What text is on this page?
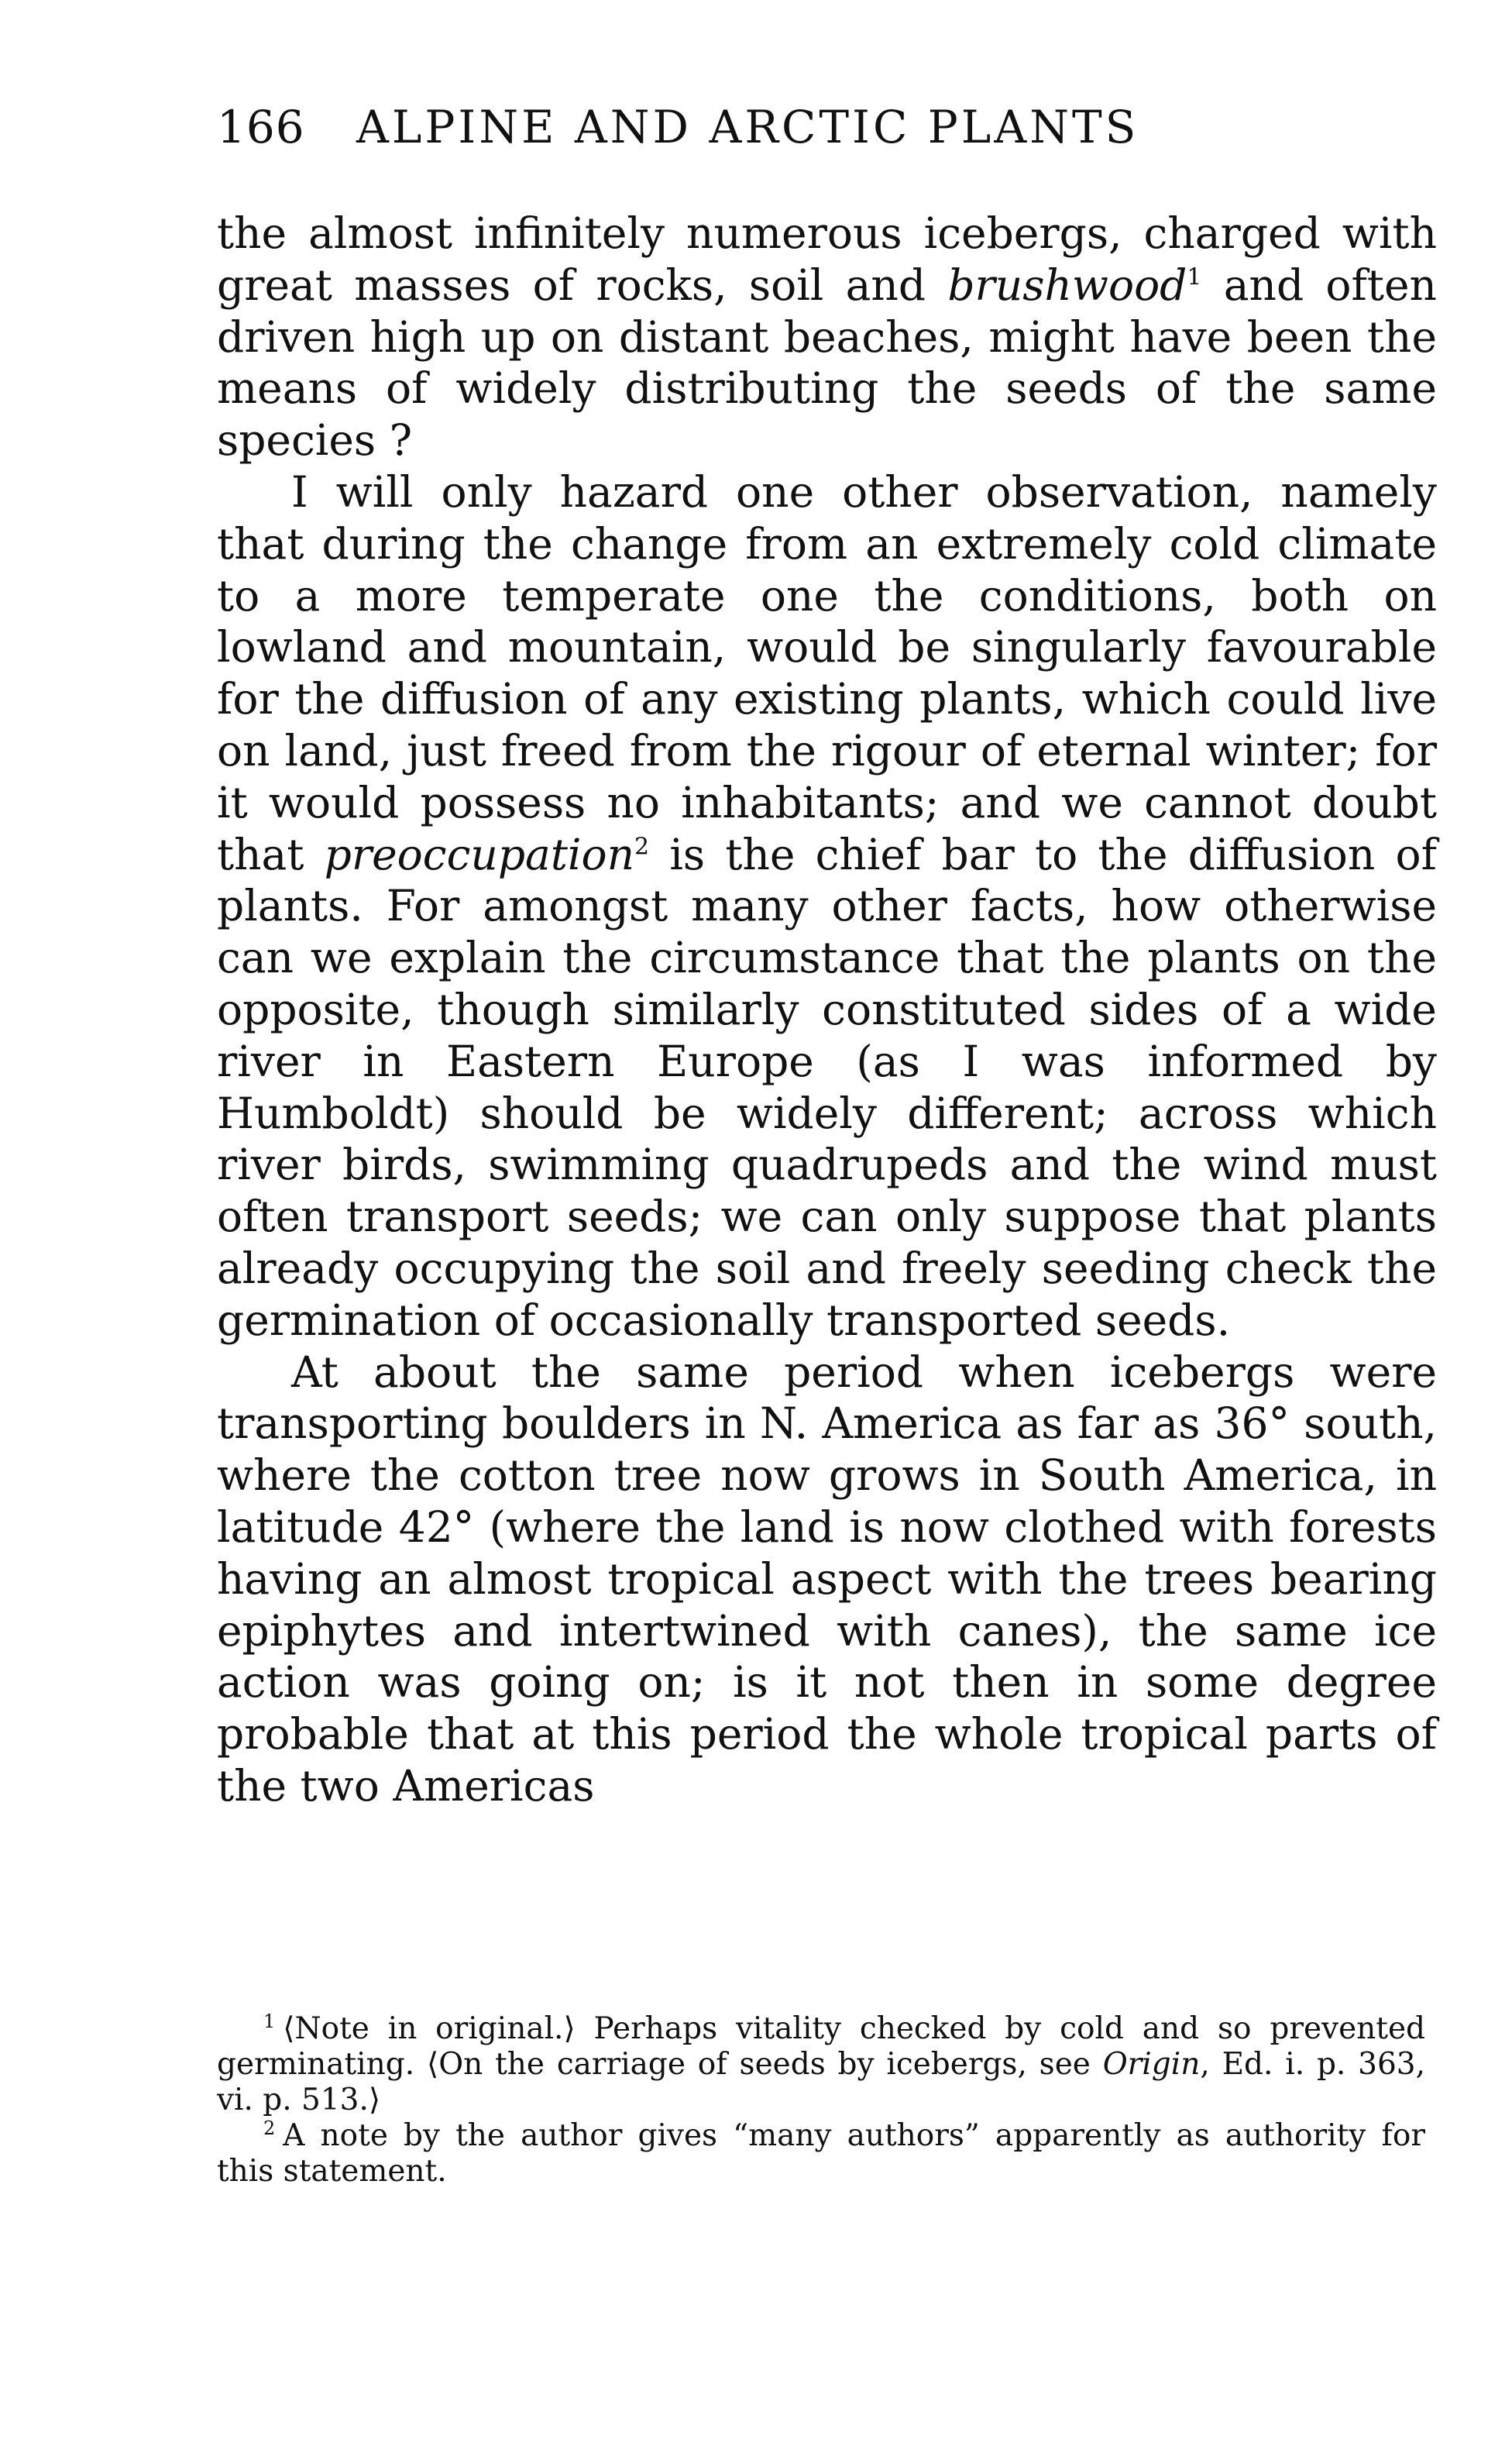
166 ALPINE AND ARCTIC PLANTS

the almost infinitely numerous icebergs, charged with great masses of rocks, soil and brushwood$^1$ and often driven high up on distant beaches, might have been the means of widely distributing the seeds of the same species ?

I will only hazard one other observation, namely that during the change from an extremely cold climate to a more temperate one the conditions, both on lowland and mountain, would be singularly favourable for the diffusion of any existing plants, which could live on land, just freed from the rigour of eternal winter; for it would possess no inhabitants; and we cannot doubt that preoccupation$^2$ is the chief bar to the diffusion of plants. For amongst many other facts, how otherwise can we explain the circumstance that the plants on the opposite, though similarly constituted sides of a wide river in Eastern Europe (as I was informed by Humboldt) should be widely different; across which river birds, swimming quadrupeds and the wind must often transport seeds; we can only suppose that plants already occupying the soil and freely seeding check the germination of occasionally transported seeds.

At about the same period when icebergs were transporting boulders in N. America as far as 36° south, where the cotton tree now grows in South America, in latitude 42° (where the land is now clothed with forests having an almost tropical aspect with the trees bearing epiphytes and intertwined with canes), the same ice action was going on; is it not then in some degree probable that at this period the whole tropical parts of the two Americas

$^1$ ⟨Note in original.⟩ Perhaps vitality checked by cold and so prevented germinating. ⟨On the carriage of seeds by icebergs, see Origin, Ed. i. p. 363, vi. p. 513.⟩

$^2$ A note by the author gives “many authors” apparently as authority for this statement.
